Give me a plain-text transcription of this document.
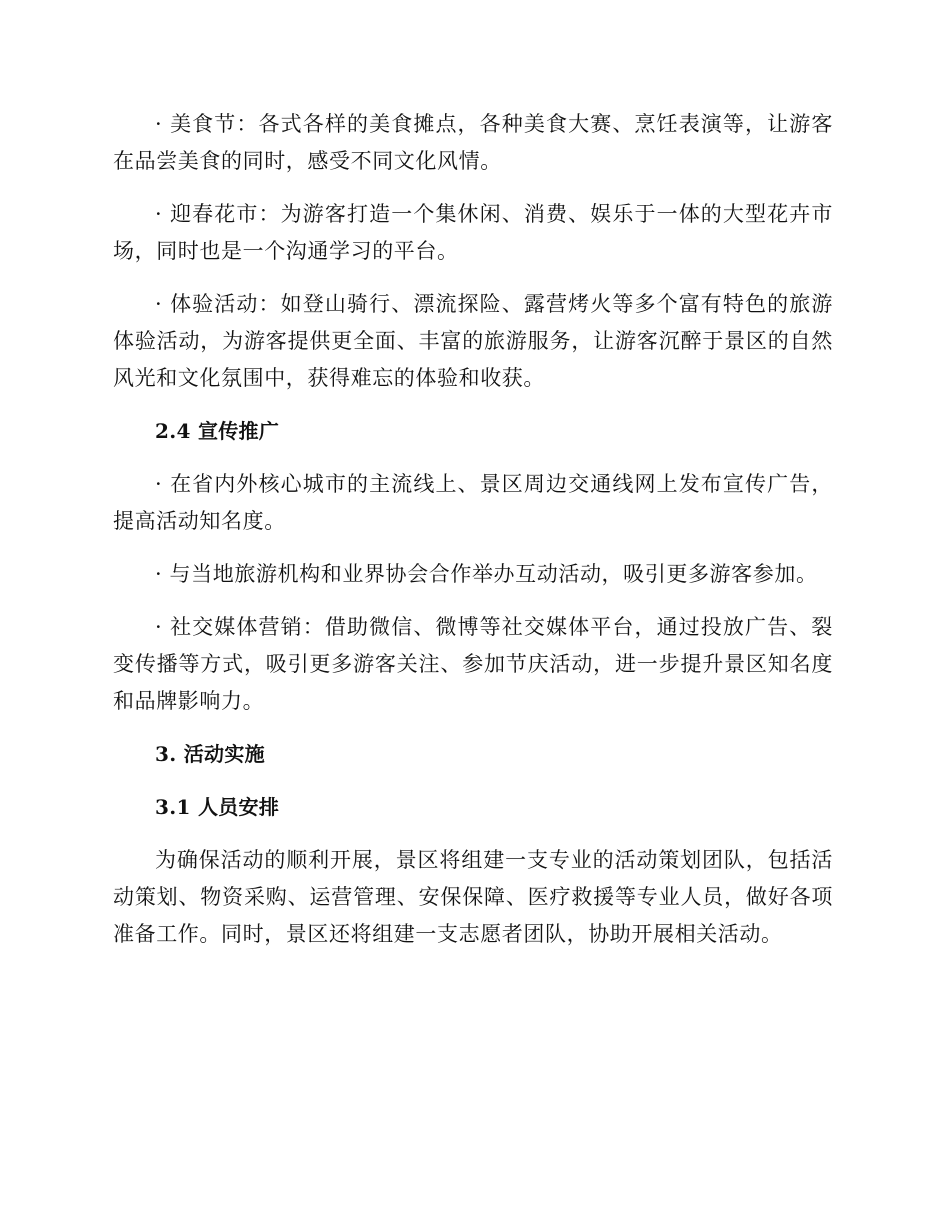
· 美食节：各式各样的美食摊点，各种美食大赛、烹饪表演等，让游客在品尝美食的同时，感受不同文化风情。

· 迎春花市：为游客打造一个集休闲、消费、娱乐于一体的大型花卉市场，同时也是一个沟通学习的平台。

· 体验活动：如登山骑行、漂流探险、露营烤火等多个富有特色的旅游体验活动，为游客提供更全面、丰富的旅游服务，让游客沉醉于景区的自然风光和文化氛围中，获得难忘的体验和收获。

2.4 宣传推广

· 在省内外核心城市的主流线上、景区周边交通线网上发布宣传广告，提高活动知名度。

· 与当地旅游机构和业界协会合作举办互动活动，吸引更多游客参加。

· 社交媒体营销：借助微信、微博等社交媒体平台，通过投放广告、裂变传播等方式，吸引更多游客关注、参加节庆活动，进一步提升景区知名度和品牌影响力。

3. 活动实施
3.1 人员安排

为确保活动的顺利开展，景区将组建一支专业的活动策划团队，包括活动策划、物资采购、运营管理、安保保障、医疗救援等专业人员，做好各项准备工作。同时，景区还将组建一支志愿者团队，协助开展相关活动。
